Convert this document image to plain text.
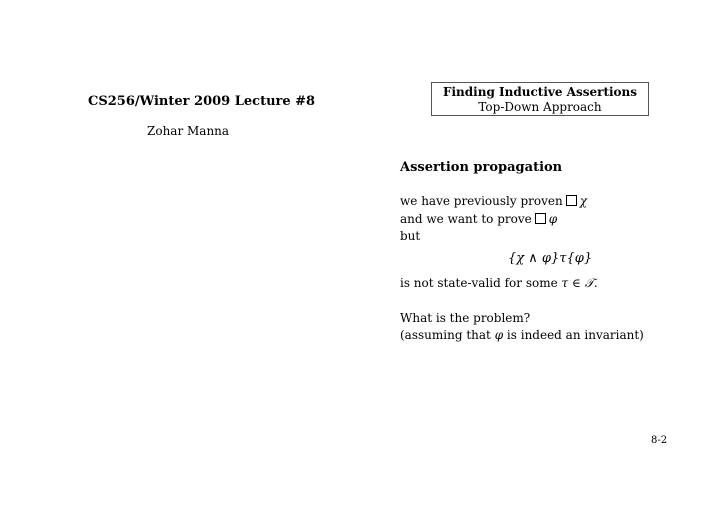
CS256/Winter 2009 Lecture #8
Zohar Manna
Finding Inductive Assertions
Top-Down Approach
Assertion propagation
we have previously proven χ
and we want to prove φ
but
{χ ∧ φ}τ{φ}
is not state-valid for some τ ∈ 𝒯.
What is the problem?
(assuming that φ is indeed an invariant)
8-2
